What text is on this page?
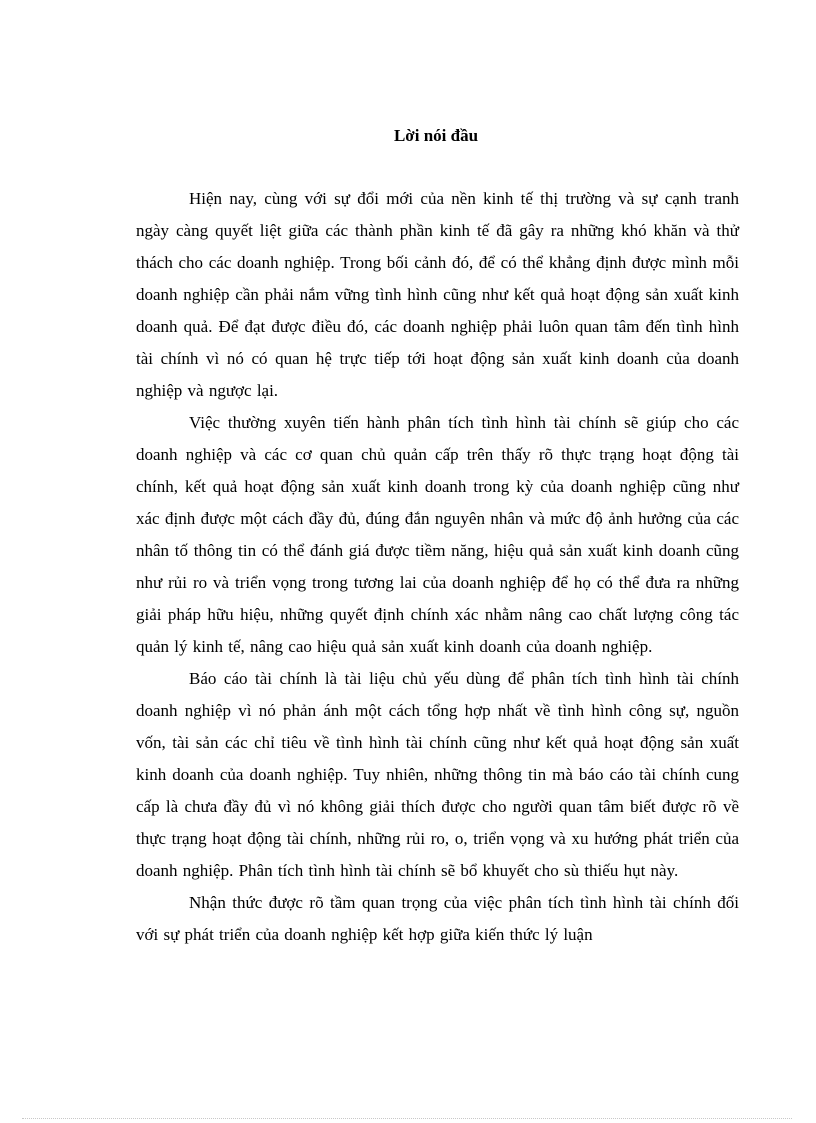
Lời nói đầu

Hiện nay, cùng với sự đổi mới của nền kinh tế thị trường và sự cạnh tranh ngày càng quyết liệt giữa các thành phần kinh tế đã gây ra những khó khăn và thử thách cho các doanh nghiệp. Trong bối cảnh đó, để có thể khẳng định được mình mỗi doanh nghiệp cần phải nắm vững tình hình cũng như kết quả hoạt động sản xuất kinh doanh quả. Để đạt được điều đó, các doanh nghiệp phải luôn quan tâm đến tình hình tài chính vì nó có quan hệ trực tiếp tới hoạt động sản xuất kinh doanh của doanh nghiệp và ngược lại.

Việc thường xuyên tiến hành phân tích tình hình tài chính sẽ giúp cho các doanh nghiệp và các cơ quan chủ quản cấp trên thấy rõ thực trạng hoạt động tài chính, kết quả hoạt động sản xuất kinh doanh trong kỳ của doanh nghiệp cũng như xác định được một cách đầy đủ, đúng đắn nguyên nhân và mức độ ảnh hưởng của các nhân tố thông tin có thể đánh giá được tiềm năng, hiệu quả sản xuất kinh doanh cũng như rủi ro và triển vọng trong tương lai của doanh nghiệp để họ có thể đưa ra những giải pháp hữu hiệu, những quyết định chính xác nhằm nâng cao chất lượng công tác quản lý kinh tế, nâng cao hiệu quả sản xuất kinh doanh của doanh nghiệp.

Báo cáo tài chính là tài liệu chủ yếu dùng để phân tích tình hình tài chính doanh nghiệp vì nó phản ánh một cách tổng hợp nhất về tình hình công sự, nguồn vốn, tài sản các chỉ tiêu về tình hình tài chính cũng như kết quả hoạt động sản xuất kinh doanh của doanh nghiệp. Tuy nhiên, những thông tin mà báo cáo tài chính cung cấp là chưa đầy đủ vì nó không giải thích được cho người quan tâm biết được rõ về thực trạng hoạt động tài chính, những rủi ro, o, triển vọng và xu hướng phát triển của doanh nghiệp. Phân tích tình hình tài chính sẽ bổ khuyết cho sù thiếu hụt này.

Nhận thức được rõ tầm quan trọng của việc phân tích tình hình tài chính đối với sự phát triển của doanh nghiệp kết hợp giữa kiến thức lý luận
